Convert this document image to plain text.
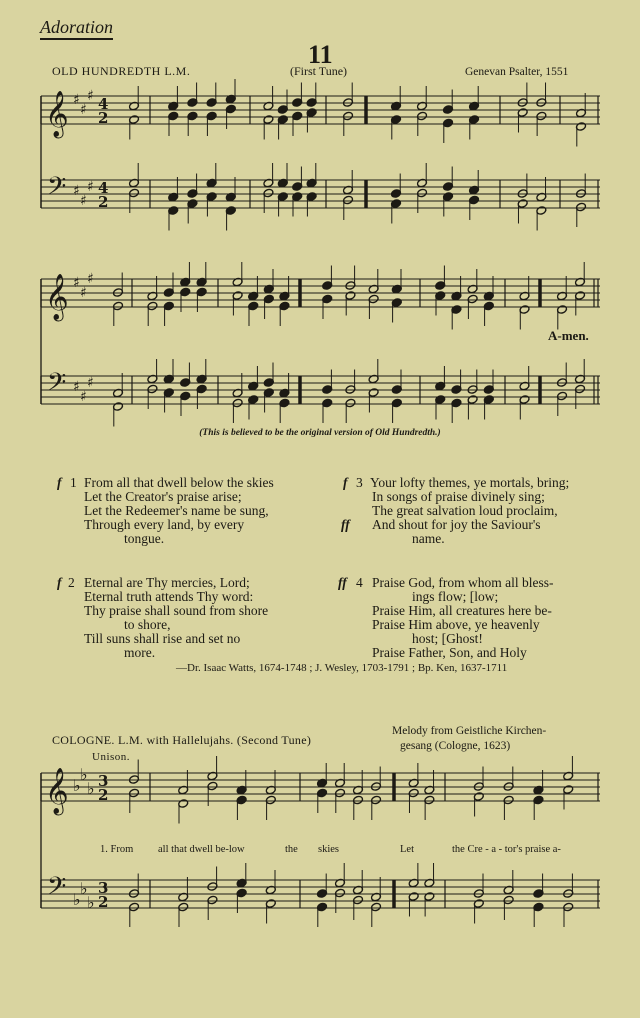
Adoration
11
OLD HUNDREDTH L.M.	(First Tune)	Genevan Psalter, 1551
𝄞
𝄢
♯
♯
♯
♯
♯
♯
4
2
4
2
𝄞
𝄢
♯
♯
♯
♯
♯
♯
𝄞
𝄢
♭
♭
♭
♭
♭
♭
3
2
3
2
A-men.
(This is believed to be the original version of Old Hundredth.)
f 1 From all that dwell below the skies
Let the Creator's praise arise;
Let the Redeemer's name be sung,
Through every land, by every
tongue.
f 2 Eternal are Thy mercies, Lord;
Eternal truth attends Thy word:
Thy praise shall sound from shore
to shore,
Till suns shall rise and set no
more.
f 3 Your lofty themes, ye mortals, bring;
In songs of praise divinely sing;
The great salvation loud proclaim,
ff And shout for joy the Saviour's
name.
ff 4 Praise God, from whom all bless-
ings flow; [low;
Praise Him, all creatures here be-
Praise Him above, ye heavenly
host; [Ghost!
Praise Father, Son, and Holy
—Dr. Isaac Watts, 1674-1748 ; J. Wesley, 1703-1791 ; Bp. Ken, 1637-1711
COLOGNE. L.M. with Hallelujahs. (Second Tune)
Unison.
Melody from Geistliche Kirchen-
gesang (Cologne, 1623)
1. From all that dwell be-low	the skies	Let	the Cre - a - tor's praise a-
